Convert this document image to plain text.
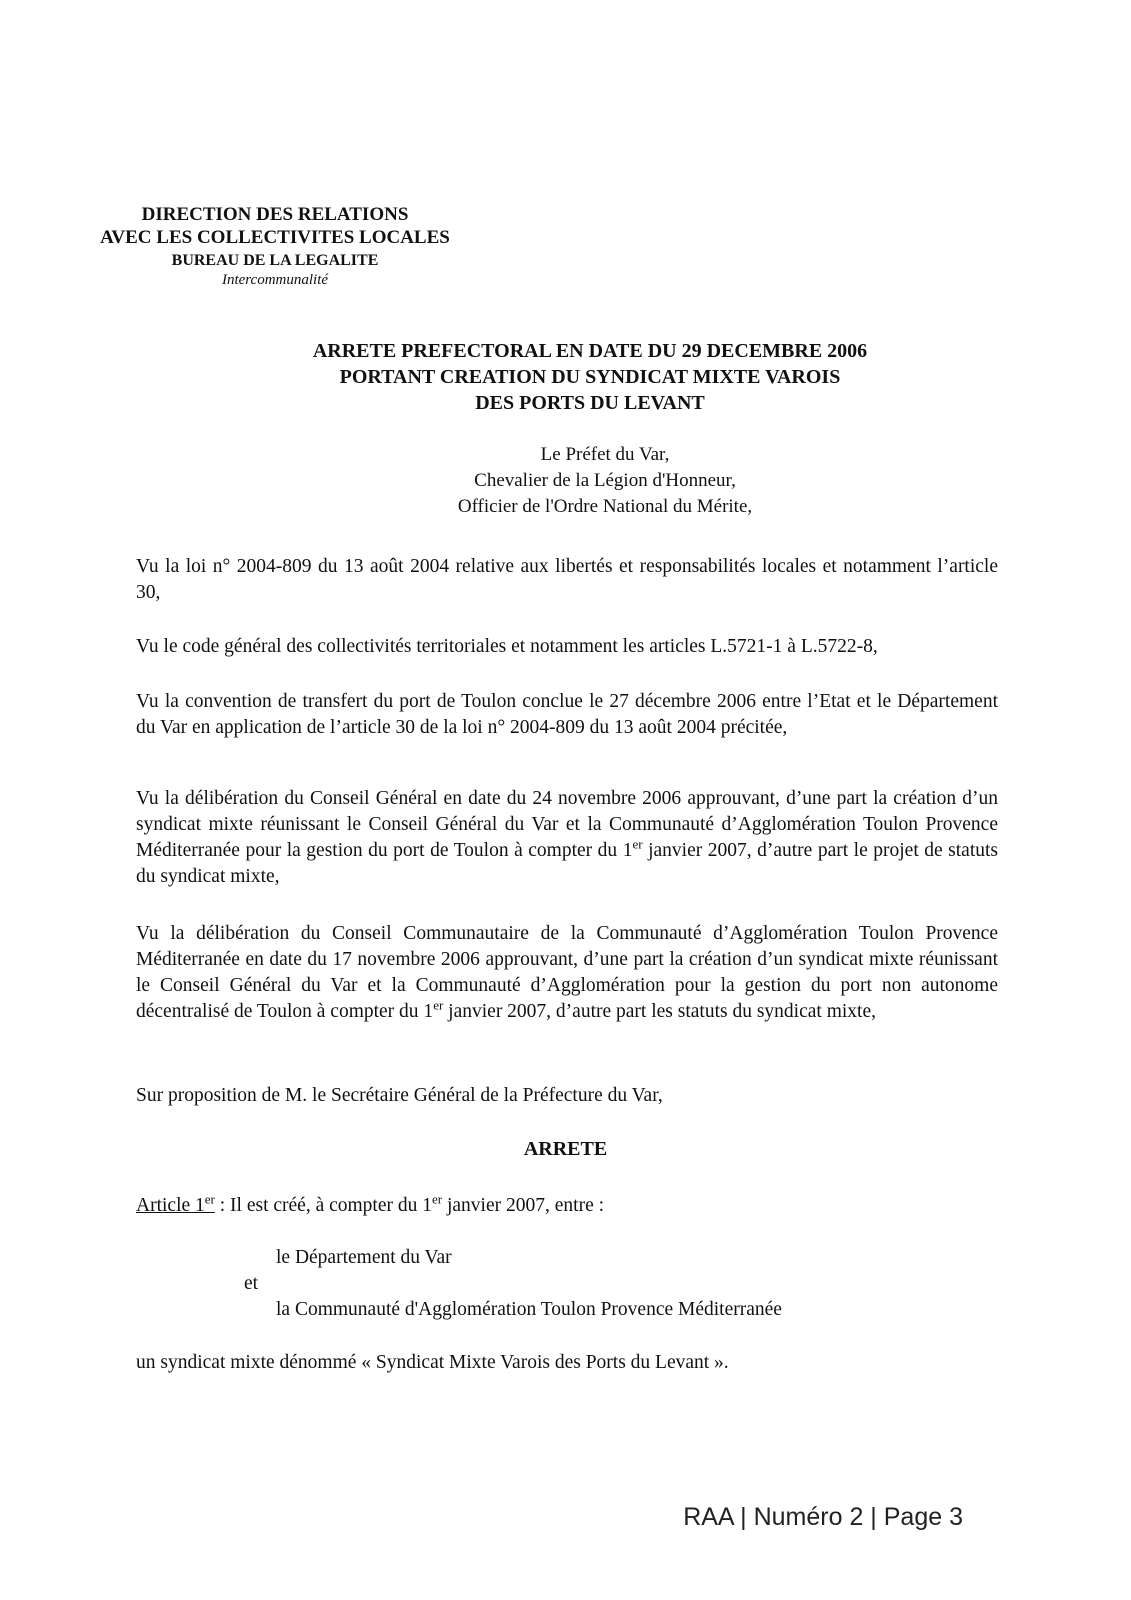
DIRECTION DES RELATIONS
AVEC LES COLLECTIVITES LOCALES
BUREAU DE LA LEGALITE
Intercommunalité
ARRETE PREFECTORAL EN DATE DU 29 DECEMBRE 2006
PORTANT CREATION DU SYNDICAT MIXTE VAROIS
DES PORTS DU LEVANT
Le Préfet du Var,
Chevalier de la Légion d'Honneur,
Officier de l'Ordre National du Mérite,

Vu la loi n° 2004-809 du 13 août 2004 relative aux libertés et responsabilités locales et notamment l’article 30,

Vu le code général des collectivités territoriales et notamment les articles L.5721-1 à L.5722-8,

Vu la convention de transfert du port de Toulon conclue le 27 décembre 2006 entre l’Etat et le Département du Var en application de l’article 30 de la loi n° 2004-809 du 13 août 2004 précitée,

Vu la délibération du Conseil Général en date du 24 novembre 2006 approuvant, d’une part la création d’un syndicat mixte réunissant le Conseil Général du Var et la Communauté d’Agglomération Toulon Provence Méditerranée pour la gestion du port de Toulon à compter du 1er janvier 2007, d’autre part le projet de statuts du syndicat mixte,

Vu la délibération du Conseil Communautaire de la Communauté d’Agglomération Toulon Provence Méditerranée en date du 17 novembre 2006 approuvant, d’une part la création d’un syndicat mixte réunissant le Conseil Général du Var et la Communauté d’Agglomération pour la gestion du port non autonome décentralisé de Toulon à compter du 1er janvier 2007, d’autre part les statuts du syndicat mixte,

Sur proposition de M. le Secrétaire Général de la Préfecture du Var,

ARRETE
Article 1er : Il est créé, à compter du 1er janvier 2007, entre :
le Département du Var
et
la Communauté d'Agglomération Toulon Provence Méditerranée

un syndicat mixte dénommé « Syndicat Mixte Varois des Ports du Levant ».

RAA | Numéro 2 | Page 3
